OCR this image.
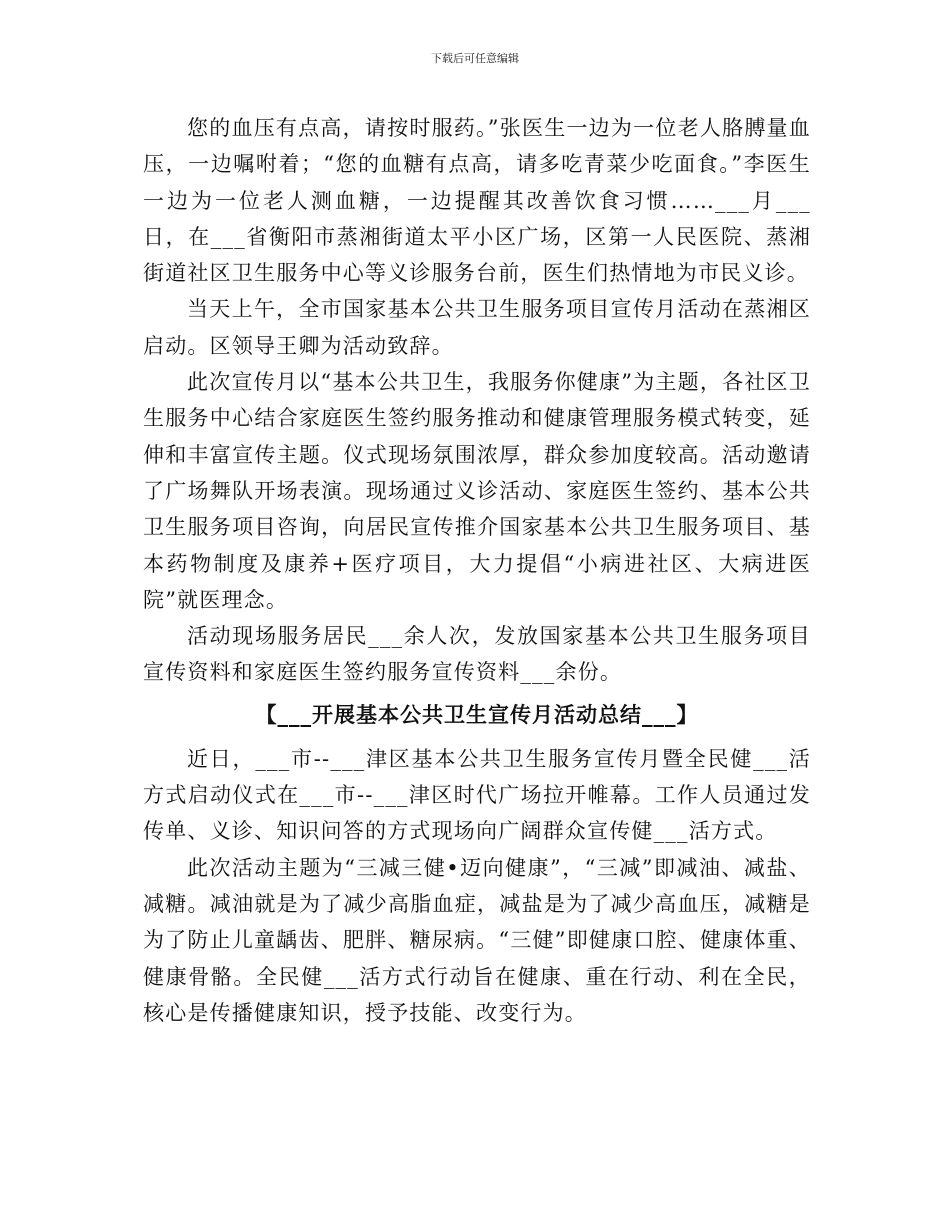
下载后可任意编辑

您的血压有点高，请按时服药。”张医生一边为一位老人胳膊量血压，一边嘱咐着；“您的血糖有点高，请多吃青菜少吃面食。”李医生一边为一位老人测血糖，一边提醒其改善饮食习惯……___月___日，在___省衡阳市蒸湘街道太平小区广场，区第一人民医院、蒸湘街道社区卫生服务中心等义诊服务台前，医生们热情地为市民义诊。

当天上午，全市国家基本公共卫生服务项目宣传月活动在蒸湘区启动。区领导王卿为活动致辞。

此次宣传月以“基本公共卫生，我服务你健康”为主题，各社区卫生服务中心结合家庭医生签约服务推动和健康管理服务模式转变，延伸和丰富宣传主题。仪式现场氛围浓厚，群众参加度较高。活动邀请了广场舞队开场表演。现场通过义诊活动、家庭医生签约、基本公共卫生服务项目咨询，向居民宣传推介国家基本公共卫生服务项目、基本药物制度及康养+医疗项目，大力提倡“小病进社区、大病进医院”就医理念。

活动现场服务居民___余人次，发放国家基本公共卫生服务项目宣传资料和家庭医生签约服务宣传资料___余份。

【___开展基本公共卫生宣传月活动总结___】

近日，___市--___津区基本公共卫生服务宣传月暨全民健___活方式启动仪式在___市--___津区时代广场拉开帷幕。工作人员通过发传单、义诊、知识问答的方式现场向广阔群众宣传健___活方式。

此次活动主题为“三减三健•迈向健康”，“三减”即减油、减盐、减糖。减油就是为了减少高脂血症，减盐是为了减少高血压，减糖是为了防止儿童龋齿、肥胖、糖尿病。“三健”即健康口腔、健康体重、健康骨骼。全民健___活方式行动旨在健康、重在行动、利在全民，核心是传播健康知识，授予技能、改变行为。
